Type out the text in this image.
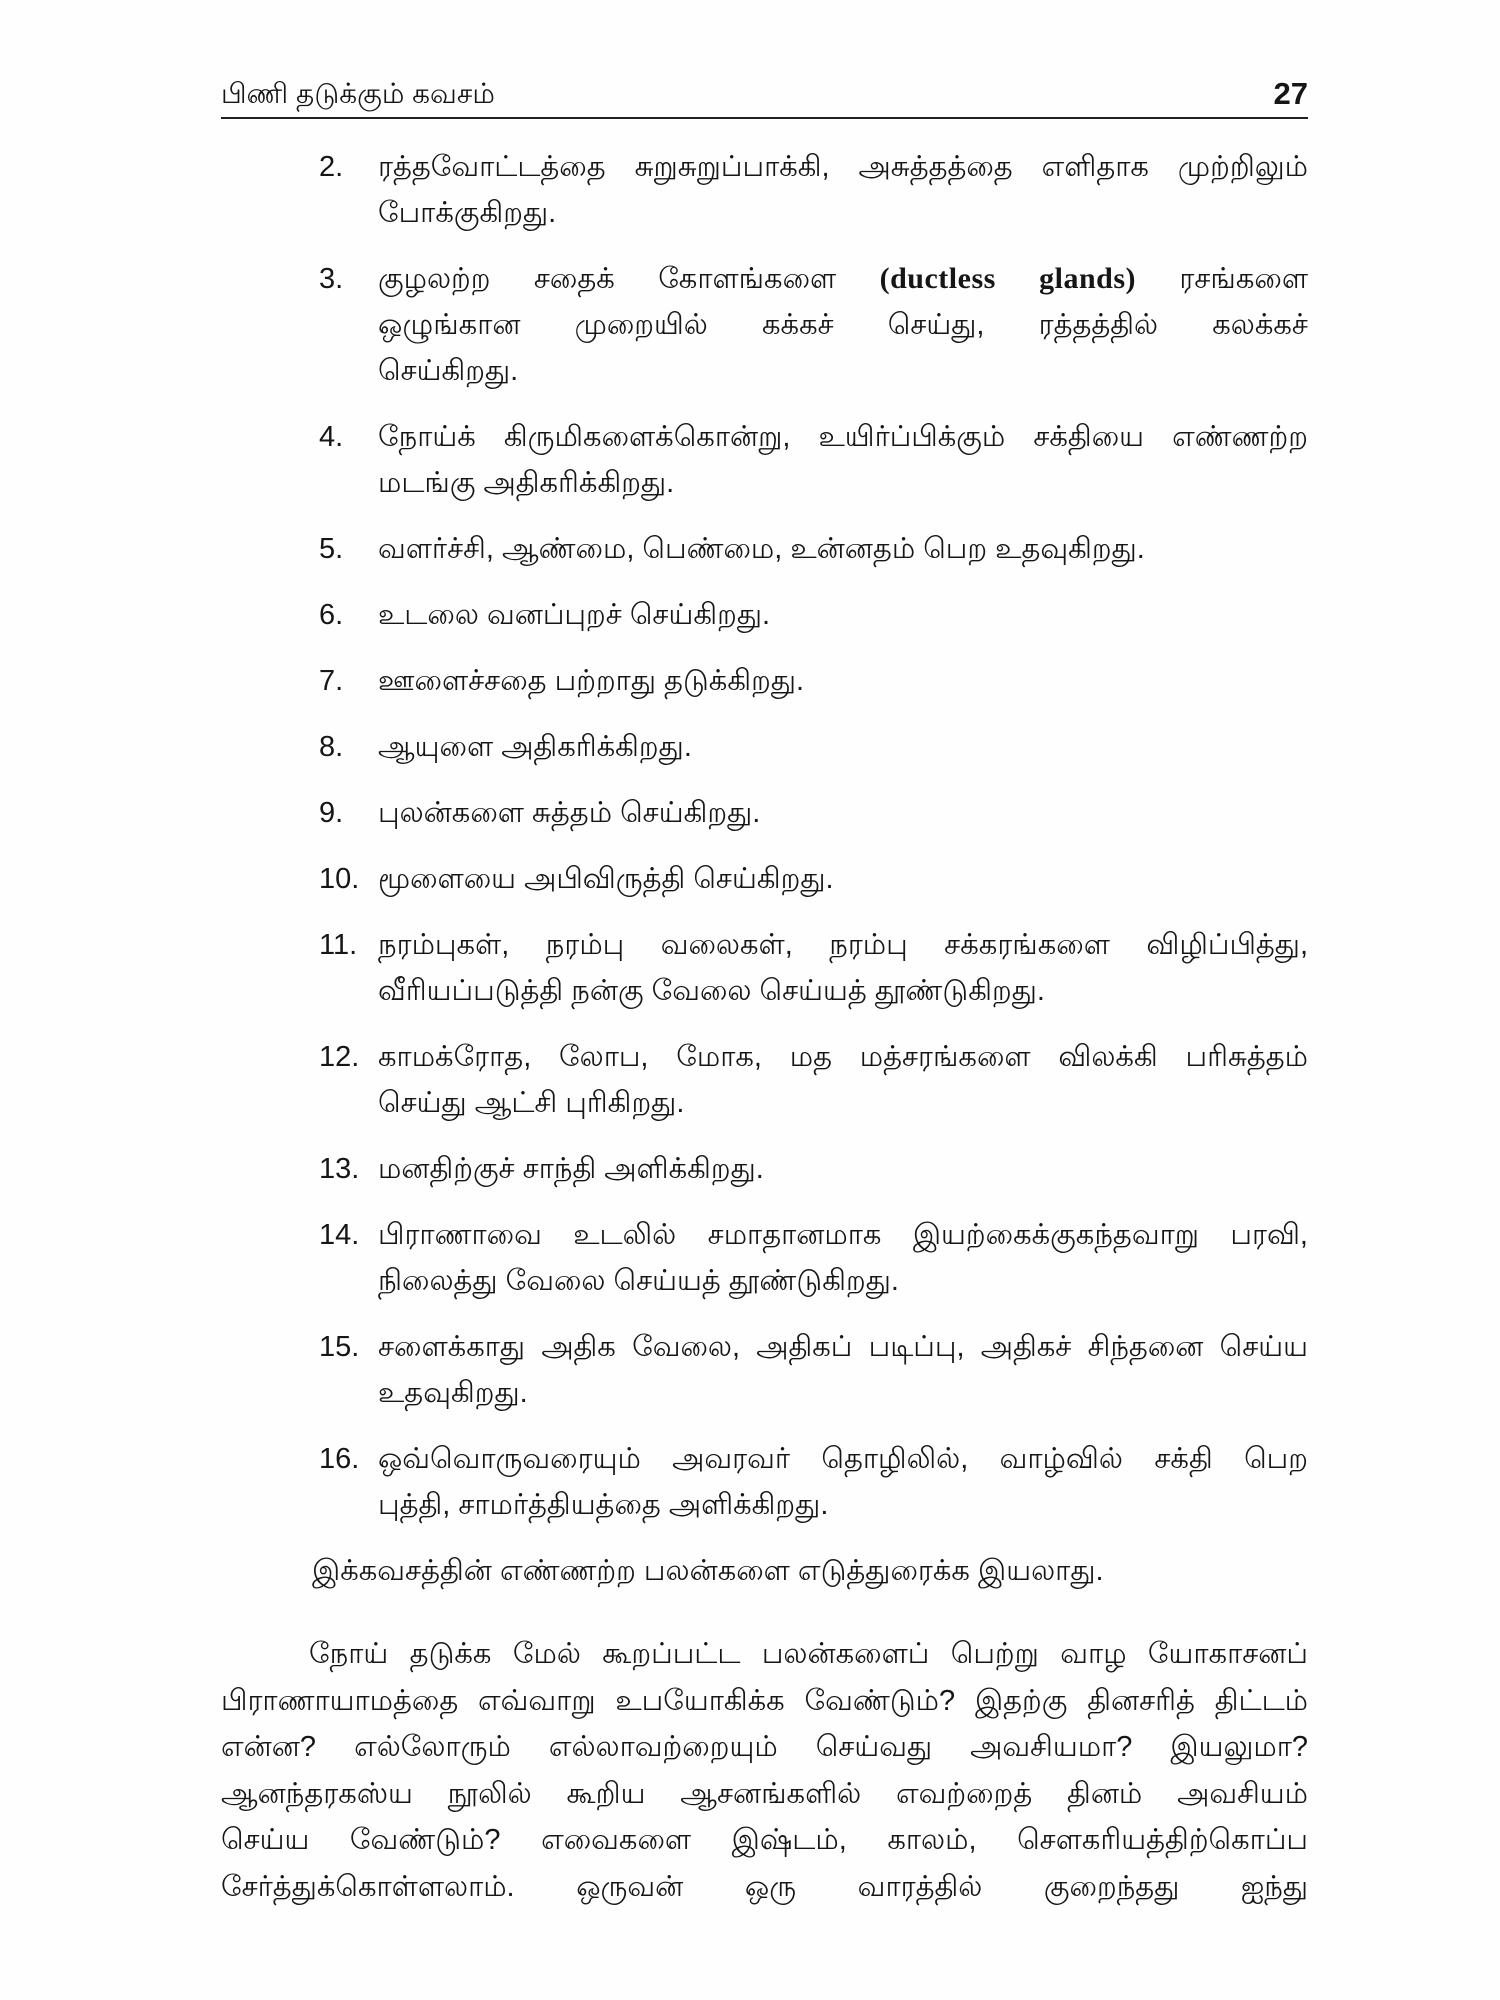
பிணி தடுக்கும் கவசம்	27
2.	ரத்தவோட்டத்தை சுறுசுறுப்பாக்கி, அசுத்தத்தை எளிதாக முற்றிலும்
போக்குகிறது.
3.	குழலற்ற சதைக் கோளங்களை (ductless glands) ரசங்களை
ஒழுங்கான முறையில் கக்கச் செய்து, ரத்தத்தில் கலக்கச்
செய்கிறது.
4.	நோய்க் கிருமிகளைக்கொன்று, உயிர்ப்பிக்கும் சக்தியை எண்ணற்ற
மடங்கு அதிகரிக்கிறது.
5.	வளர்ச்சி, ஆண்மை, பெண்மை, உன்னதம் பெற உதவுகிறது.
6.	உடலை வனப்புறச் செய்கிறது.
7.	ஊளைச்சதை பற்றாது தடுக்கிறது.
8.	ஆயுளை அதிகரிக்கிறது.
9.	புலன்களை சுத்தம் செய்கிறது.
10. மூளையை அபிவிருத்தி செய்கிறது.
11. நரம்புகள், நரம்பு வலைகள், நரம்பு சக்கரங்களை விழிப்பித்து,
வீரியப்படுத்தி நன்கு வேலை செய்யத் தூண்டுகிறது.
12. காமக்ரோத, லோப, மோக, மத மத்சரங்களை விலக்கி பரிசுத்தம்
செய்து ஆட்சி புரிகிறது.
13. மனதிற்குச் சாந்தி அளிக்கிறது.
14. பிராணாவை உடலில் சமாதானமாக இயற்கைக்குகந்தவாறு பரவி,
நிலைத்து வேலை செய்யத் தூண்டுகிறது.
15. சளைக்காது அதிக வேலை, அதிகப் படிப்பு, அதிகச் சிந்தனை செய்ய
உதவுகிறது.
16. ஒவ்வொருவரையும் அவரவர் தொழிலில், வாழ்வில் சக்தி பெற
புத்தி, சாமர்த்தியத்தை அளிக்கிறது.
இக்கவசத்தின் எண்ணற்ற பலன்களை எடுத்துரைக்க இயலாது.
நோய் தடுக்க மேல் கூறப்பட்ட பலன்களைப் பெற்று வாழ யோகாசனப்
பிராணாயாமத்தை எவ்வாறு உபயோகிக்க வேண்டும்? இதற்கு தினசரித் திட்டம்
என்ன? எல்லோரும் எல்லாவற்றையும் செய்வது அவசியமா? இயலுமா?
ஆனந்தரகஸ்ய நூலில் கூறிய ஆசனங்களில் எவற்றைத் தினம் அவசியம்
செய்ய வேண்டும்? எவைகளை இஷ்டம், காலம், சௌகரியத்திற்கொப்ப
சேர்த்துக்கொள்ளலாம். ஒருவன் ஒரு வாரத்தில் குறைந்தது ஐந்து
